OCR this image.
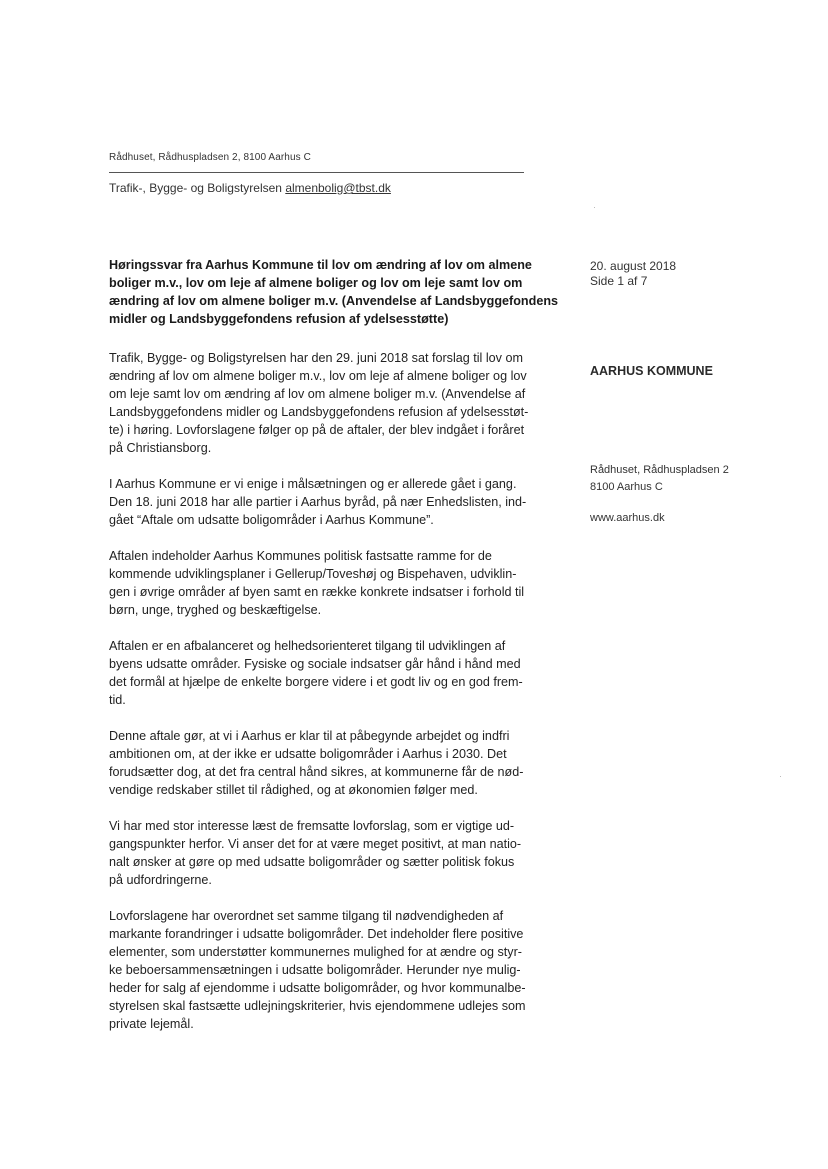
Rådhuset, Rådhuspladsen 2, 8100 Aarhus C
Trafik-, Bygge- og Boligstyrelsen almenbolig@tbst.dk
20. august 2018
Side 1 af 7
AARHUS KOMMUNE
Rådhuset, Rådhuspladsen 2
8100 Aarhus C
www.aarhus.dk
Høringssvar fra Aarhus Kommune til lov om ændring af lov om almene
boliger m.v., lov om leje af almene boliger og lov om leje samt lov om
ændring af lov om almene boliger m.v. (Anvendelse af Landsbyggefondens
midler og Landsbyggefondens refusion af ydelsesstøtte)
Trafik, Bygge- og Boligstyrelsen har den 29. juni 2018 sat forslag til lov om
ændring af lov om almene boliger m.v., lov om leje af almene boliger og lov
om leje samt lov om ændring af lov om almene boliger m.v. (Anvendelse af
Landsbyggefondens midler og Landsbyggefondens refusion af ydelsesstøt-
te) i høring. Lovforslagene følger op på de aftaler, der blev indgået i foråret
på Christiansborg.
I Aarhus Kommune er vi enige i målsætningen og er allerede gået i gang.
Den 18. juni 2018 har alle partier i Aarhus byråd, på nær Enhedslisten, ind-
gået “Aftale om udsatte boligområder i Aarhus Kommune”.
Aftalen indeholder Aarhus Kommunes politisk fastsatte ramme for de
kommende udviklingsplaner i Gellerup/Toveshøj og Bispehaven, udviklin-
gen i øvrige områder af byen samt en række konkrete indsatser i forhold til
børn, unge, tryghed og beskæftigelse.
Aftalen er en afbalanceret og helhedsorienteret tilgang til udviklingen af
byens udsatte områder. Fysiske og sociale indsatser går hånd i hånd med
det formål at hjælpe de enkelte borgere videre i et godt liv og en god frem-
tid.
Denne aftale gør, at vi i Aarhus er klar til at påbegynde arbejdet og indfri
ambitionen om, at der ikke er udsatte boligområder i Aarhus i 2030. Det
forudsætter dog, at det fra central hånd sikres, at kommunerne får de nød-
vendige redskaber stillet til rådighed, og at økonomien følger med.
Vi har med stor interesse læst de fremsatte lovforslag, som er vigtige ud-
gangspunkter herfor. Vi anser det for at være meget positivt, at man natio-
nalt ønsker at gøre op med udsatte boligområder og sætter politisk fokus
på udfordringerne.
Lovforslagene har overordnet set samme tilgang til nødvendigheden af
markante forandringer i udsatte boligområder. Det indeholder flere positive
elementer, som understøtter kommunernes mulighed for at ændre og styr-
ke beboersammensætningen i udsatte boligområder. Herunder nye mulig-
heder for salg af ejendomme i udsatte boligområder, og hvor kommunalbe-
styrelsen skal fastsætte udlejningskriterier, hvis ejendommene udlejes som
private lejemål.
